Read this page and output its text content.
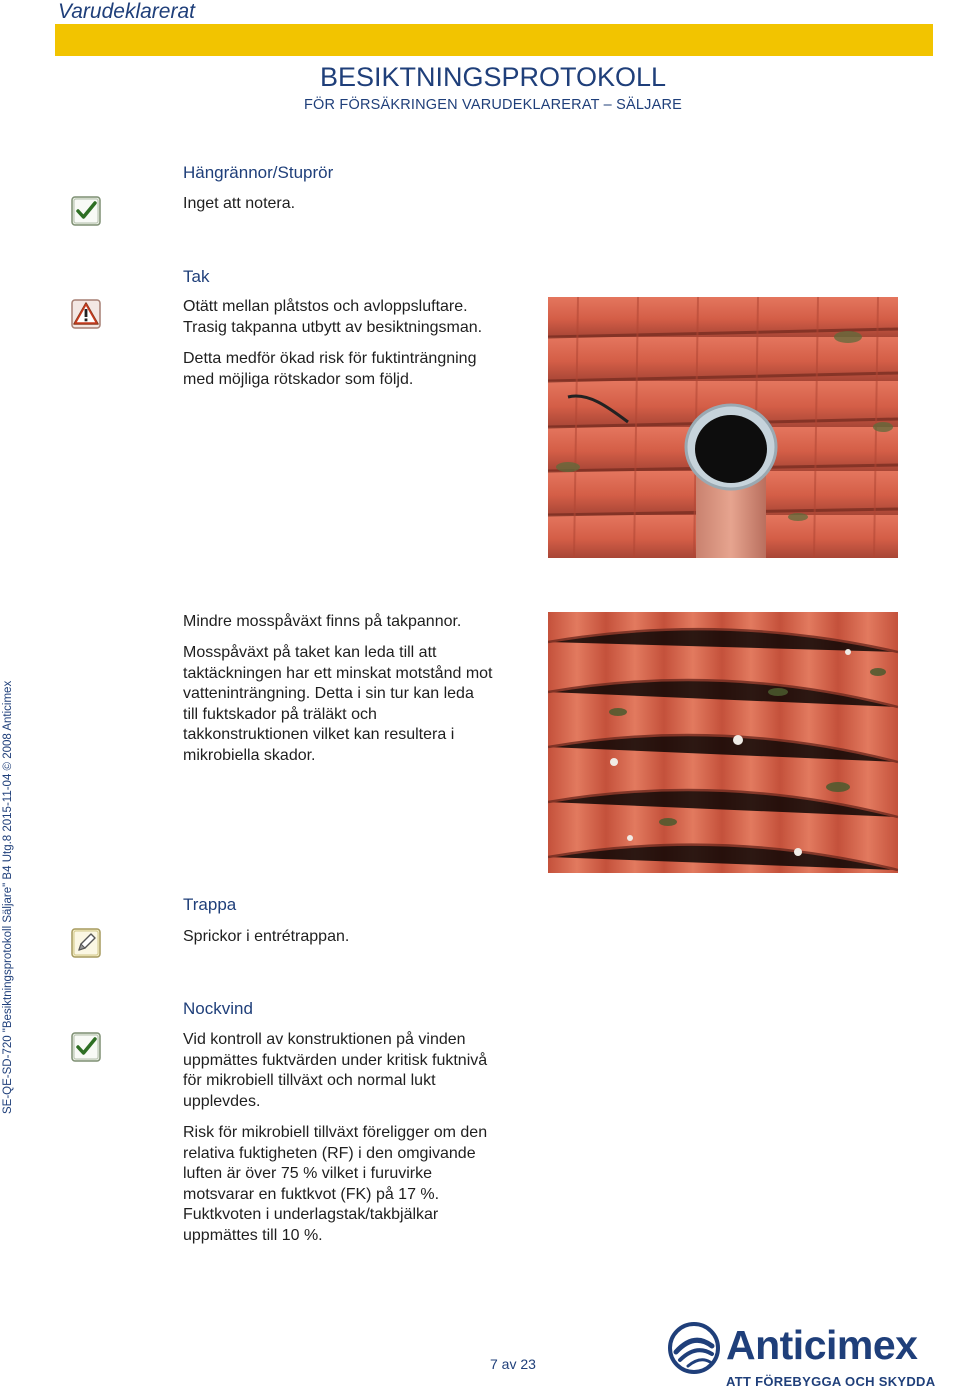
Varudeklarerat
BESIKTNINGSPROTOKOLL
FÖR FÖRSÄKRINGEN VARUDEKLARERAT – SÄLJARE
SE-QE-SD-720 "Besiktningsprotokoll Säljare" B4 Utg.8 2015-11-04 © 2008 Anticimex
Hängrännor/Stuprör
Inget att notera.
Tak
Otätt mellan plåtstos och avloppsluftare.
Trasig takpanna utbytt av besiktningsman.
Detta medför ökad risk för fuktinträngning
med möjliga rötskador som följd.
Mindre mosspåväxt finns på takpannor.
Mosspåväxt på taket kan leda till att
taktäckningen har ett minskat motstånd mot
vatteninträngning. Detta i sin tur kan leda
till fuktskador på träläkt och
takkonstruktionen vilket kan resultera i
mikrobiella skador.
Trappa
Sprickor i entrétrappan.
Nockvind
Vid kontroll av konstruktionen på vinden
uppmättes fuktvärden under kritisk fuktnivå
för mikrobiell tillväxt och normal lukt
upplevdes.
Risk för mikrobiell tillväxt föreligger om den
relativa fuktigheten (RF) i den omgivande
luften är över 75 % vilket i furuvirke
motsvarar en fuktkvot (FK) på 17 %.
Fuktkvoten i underlagstak/takbjälkar
uppmättes till 10 %.
7 av 23	Anticimex
ATT FÖREBYGGA OCH SKYDDA
